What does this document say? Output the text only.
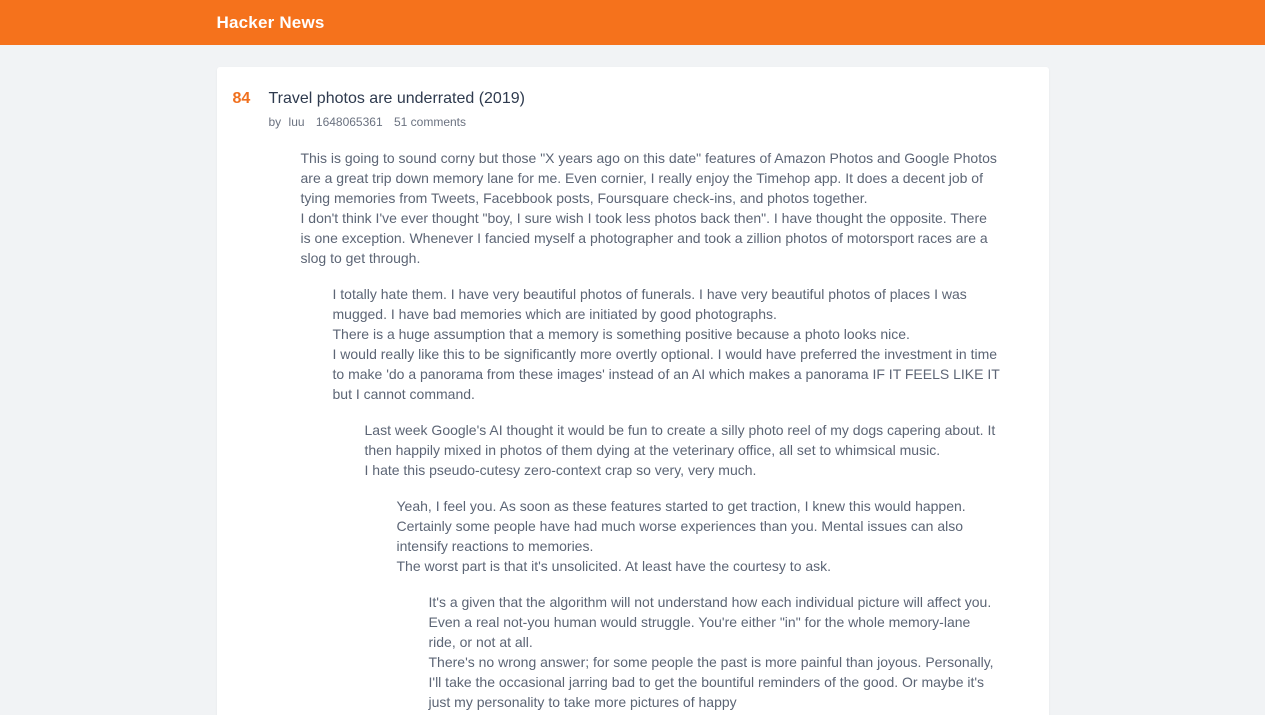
Hacker News
84	Travel photos are underrated (2019)
by luu 1648065361 51 comments
This is going to sound corny but those "X years ago on this date" features of Amazon Photos and Google Photos are a great trip down memory lane for me. Even cornier, I really enjoy the Timehop app. It does a decent job of tying memories from Tweets, Facebbook posts, Foursquare check-ins, and photos together.
I don't think I've ever thought "boy, I sure wish I took less photos back then". I have thought the opposite. There is one exception. Whenever I fancied myself a photographer and took a zillion photos of motorsport races are a slog to get through.
I totally hate them. I have very beautiful photos of funerals. I have very beautiful photos of places I was mugged. I have bad memories which are initiated by good photographs.
There is a huge assumption that a memory is something positive because a photo looks nice.
I would really like this to be significantly more overtly optional. I would have preferred the investment in time to make 'do a panorama from these images' instead of an AI which makes a panorama IF IT FEELS LIKE IT but I cannot command.
Last week Google's AI thought it would be fun to create a silly photo reel of my dogs capering about. It then happily mixed in photos of them dying at the veterinary office, all set to whimsical music.
I hate this pseudo-cutesy zero-context crap so very, very much.
Yeah, I feel you. As soon as these features started to get traction, I knew this would happen. Certainly some people have had much worse experiences than you. Mental issues can also intensify reactions to memories.
The worst part is that it's unsolicited. At least have the courtesy to ask.
It's a given that the algorithm will not understand how each individual picture will affect you. Even a real not-you human would struggle. You're either "in" for the whole memory-lane ride, or not at all.
There's no wrong answer; for some people the past is more painful than joyous. Personally, I'll take the occasional jarring bad to get the bountiful reminders of the good. Or maybe it's just my personality to take more pictures of happy
